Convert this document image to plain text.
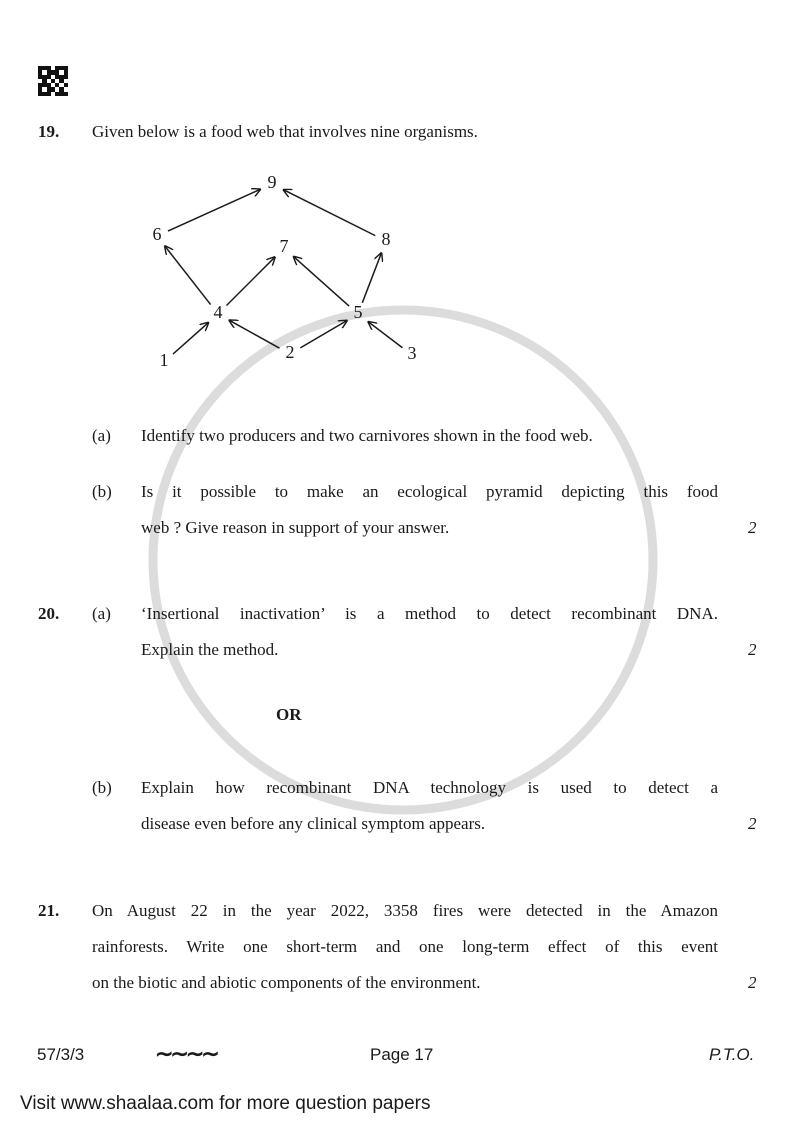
19. Given below is a food web that involves nine organisms.
1	2	3
4	5
6
7	8
9
(a) Identify two producers and two carnivores shown in the food web.
(b) Is it possible to make an ecological pyramid depicting this food
web ? Give reason in support of your answer.	2
20. (a) ‘Insertional inactivation’ is a method to detect recombinant DNA.
Explain the method.	2
OR
(b) Explain how recombinant DNA technology is used to detect a
disease even before any clinical symptom appears.	2
21. On August 22 in the year 2022, 3358 fires were detected in the Amazon
rainforests. Write one short-term and one long-term effect of this event
on the biotic and abiotic components of the environment.	2
57/3/3	∼∼∼∼	Page 17	P.T.O.
Visit www.shaalaa.com for more question papers
